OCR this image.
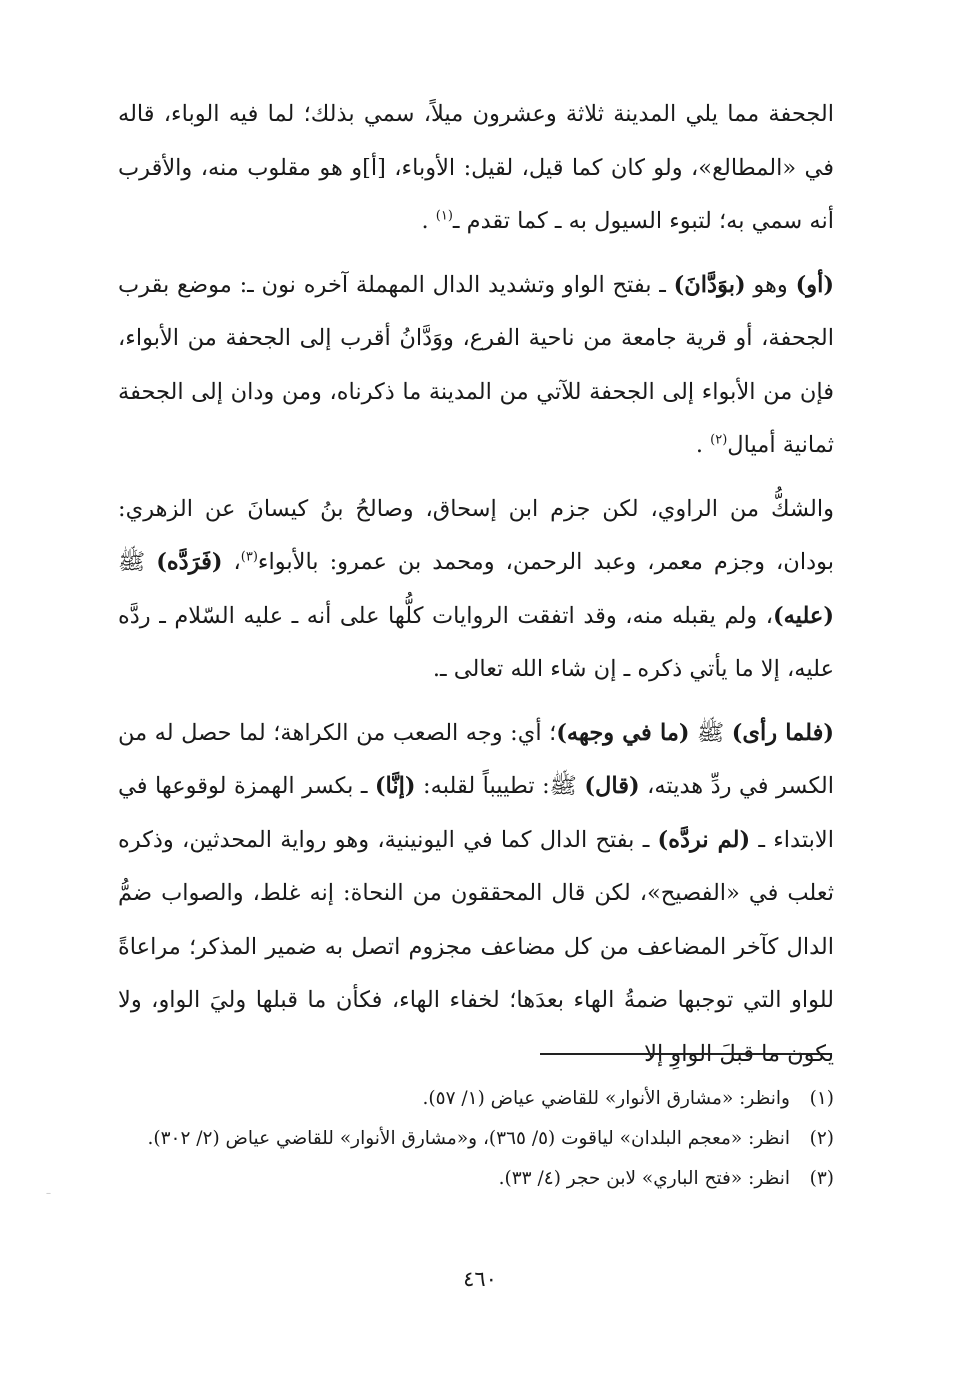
الجحفة مما يلي المدينة ثلاثة وعشرون ميلاً، سمي بذلك؛ لما فيه الوباء، قاله في «المطالع»، ولو كان كما قيل، لقيل: الأوباء، [أ]و هو مقلوب منه، والأقرب أنه سمي به؛ لتبوء السيول به ـ كما تقدم ـ$^{(١)}$ .

(أو) وهو (بوَدَّانَ) ـ بفتح الواو وتشديد الدال المهملة آخره نون ـ: موضع بقرب الجحفة، أو قرية جامعة من ناحية الفرع، ووَدَّانُ أقرب إلى الجحفة من الأبواء، فإن من الأبواء إلى الجحفة للآتي من المدينة ما ذكرناه، ومن ودان إلى الجحفة ثمانية أميال$^{(٢)}$ .

والشكُّ من الراوي، لكن جزم ابن إسحاق، وصالحُ بنُ كيسانَ عن الزهري: بودان، وجزم معمر، وعبد الرحمن، ومحمد بن عمرو: بالأبواء$^{(٣)}$، (فَرَدَّه) ﷺ (عليه)، ولم يقبله منه، وقد اتفقت الروايات كلُّها على أنه ـ عليه السّلام ـ ردَّه عليه، إلا ما يأتي ذكره ـ إن شاء الله تعالى ـ.

(فلما رأى) ﷺ (ما في وجهه)؛ أي: وجه الصعب من الكراهة؛ لما حصل له من الكسر في ردِّ هديته، (قال) ﷺ: تطييباً لقلبه: (إنَّا) ـ بكسر الهمزة لوقوعها في الابتداء ـ (لم نردَّه) ـ بفتح الدال كما في اليونينية، وهو رواية المحدثين، وذكره ثعلب في «الفصيح»، لكن قال المحققون من النحاة: إنه غلط، والصواب ضمُّ الدال كآخر المضاعف من كل مضاعف مجزوم اتصل به ضمير المذكر؛ مراعاةً للواو التي توجبها ضمةُ الهاء بعدَها؛ لخفاء الهاء، فكأن ما قبلها وليَ الواو، ولا يكون ما قبلَ الواوِ إلا

(١)
وانظر: «مشارق الأنوار» للقاضي عياض (١/ ٥٧).
(٢)
انظر: «معجم البلدان» لياقوت (٥/ ٣٦٥)، و«مشارق الأنوار» للقاضي عياض (٢/ ٣٠٢).
(٣)
انظر: «فتح الباري» لابن حجر (٤/ ٣٣).
٤٦٠
–
